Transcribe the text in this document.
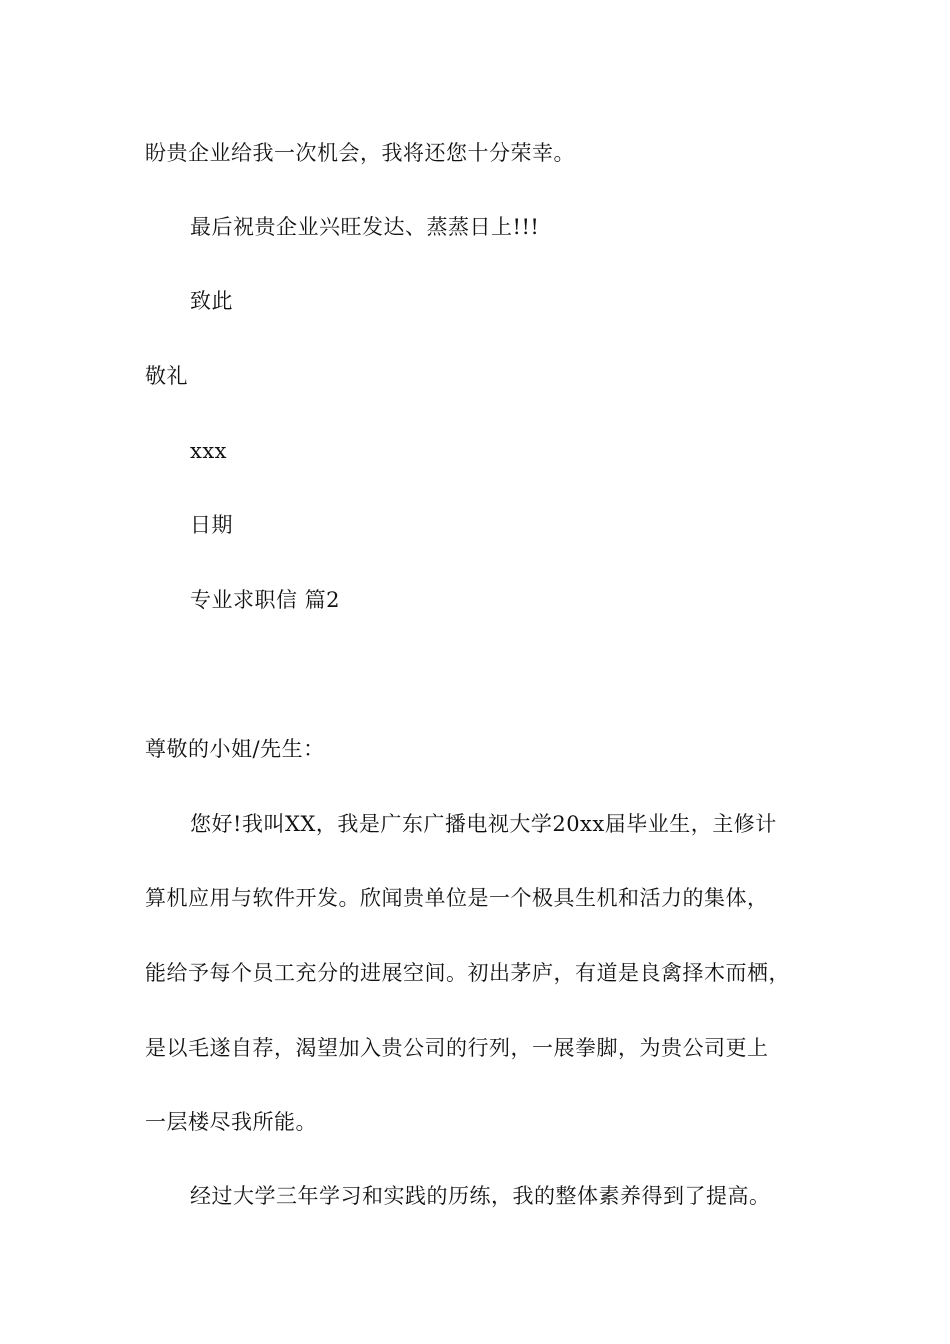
盼贵企业给我一次机会，我将还您十分荣幸。
最后祝贵企业兴旺发达、蒸蒸日上!!!
致此
敬礼
xxx
日期
专业求职信 篇2
尊敬的小姐/先生：
您好!我叫XX，我是广东广播电视大学20xx届毕业生，主修计
算机应用与软件开发。欣闻贵单位是一个极具生机和活力的集体，
能给予每个员工充分的进展空间。初出茅庐，有道是良禽择木而栖，
是以毛遂自荐，渴望加入贵公司的行列，一展拳脚，为贵公司更上
一层楼尽我所能。
经过大学三年学习和实践的历练，我的整体素养得到了提高。
